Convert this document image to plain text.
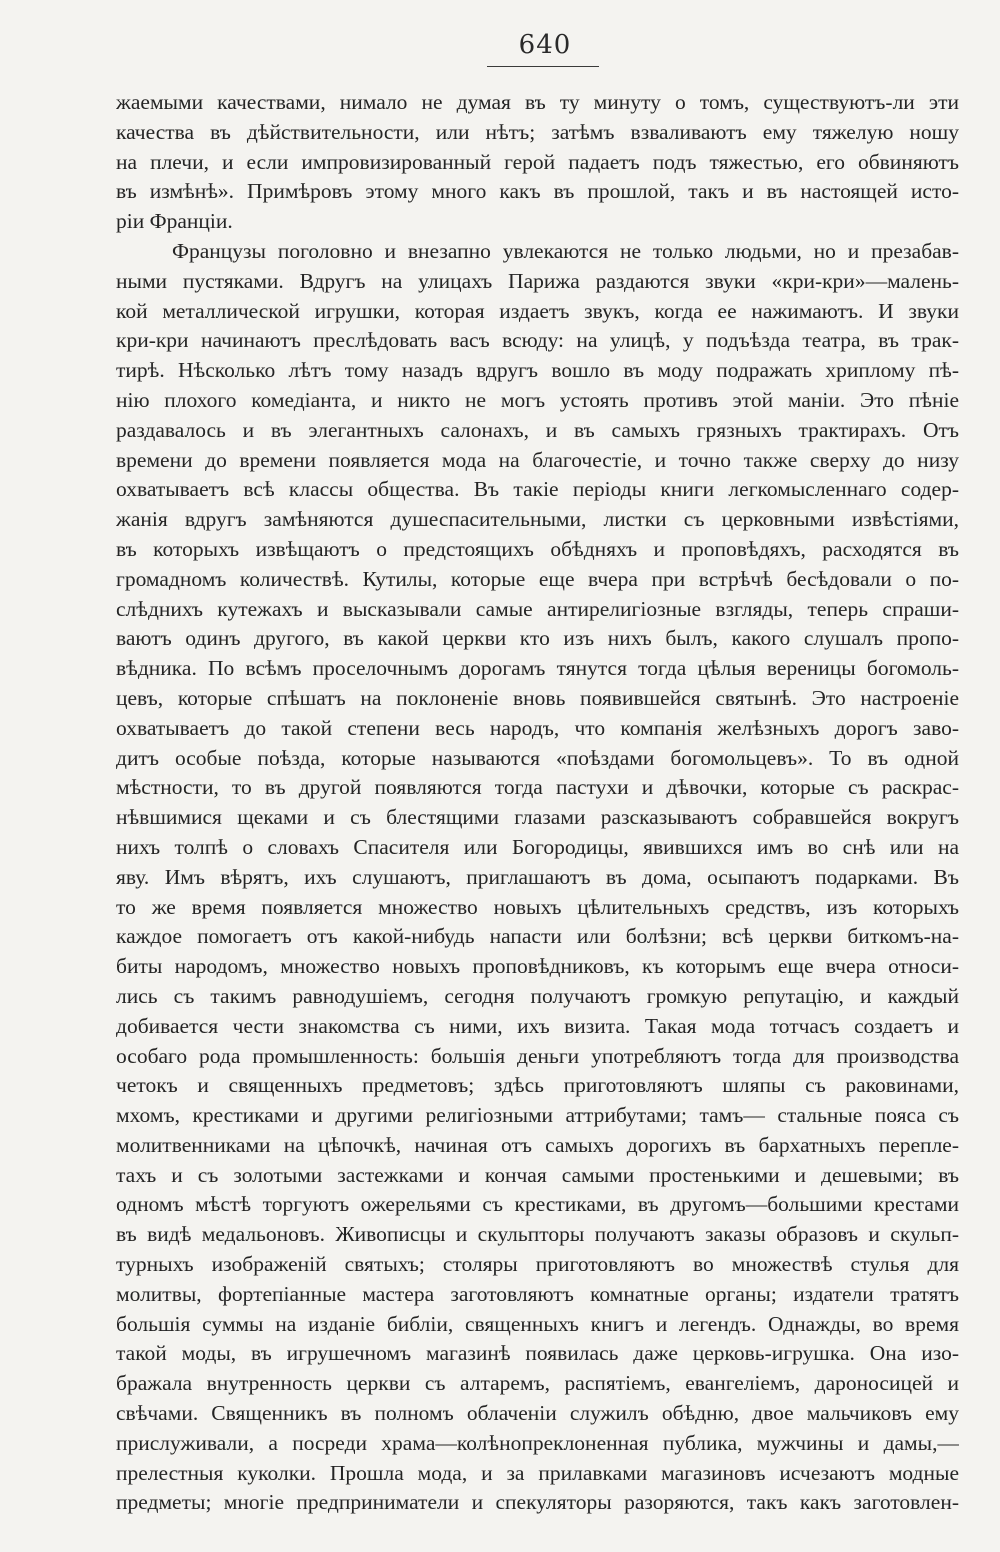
640
жаемыми качествами, нимало не думая въ ту минуту о томъ, существуютъ-ли эти
качества въ дѣйствительности, или нѣтъ; затѣмъ взваливаютъ ему тяжелую ношу
на плечи, и если импровизированный герой падаетъ подъ тяжестью, его обвиняютъ
въ измѣнѣ». Примѣровъ этому много какъ въ прошлой, такъ и въ настоящей исто-
ріи Франціи.
Французы поголовно и внезапно увлекаются не только людьми, но и презабав-
ными пустяками. Вдругъ на улицахъ Парижа раздаются звуки «кри-кри»—малень-
кой металлической игрушки, которая издаетъ звукъ, когда ее нажимаютъ. И звуки
кри-кри начинаютъ преслѣдовать васъ всюду: на улицѣ, у подъѣзда театра, въ трак-
тирѣ. Нѣсколько лѣтъ тому назадъ вдругъ вошло въ моду подражать хриплому пѣ-
нію плохого комедіанта, и никто не могъ устоять противъ этой маніи. Это пѣніе
раздавалось и въ элегантныхъ салонахъ, и въ самыхъ грязныхъ трактирахъ. Отъ
времени до времени появляется мода на благочестіе, и точно также сверху до низу
охватываетъ всѣ классы общества. Въ такіе періоды книги легкомысленнаго содер-
жанія вдругъ замѣняются душеспасительными, листки съ церковными извѣстіями,
въ которыхъ извѣщаютъ о предстоящихъ обѣдняхъ и проповѣдяхъ, расходятся въ
громадномъ количествѣ. Кутилы, которые еще вчера при встрѣчѣ бесѣдовали о по-
слѣднихъ кутежахъ и высказывали самые антирелигіозные взгляды, теперь спраши-
ваютъ одинъ другого, въ какой церкви кто изъ нихъ былъ, какого слушалъ пропо-
вѣдника. По всѣмъ проселочнымъ дорогамъ тянутся тогда цѣлыя вереницы богомоль-
цевъ, которые спѣшатъ на поклоненіе вновь появившейся святынѣ. Это настроеніе
охватываетъ до такой степени весь народъ, что компанія желѣзныхъ дорогъ заво-
дитъ особые поѣзда, которые называются «поѣздами богомольцевъ». То въ одной
мѣстности, то въ другой появляются тогда пастухи и дѣвочки, которые съ раскрас-
нѣвшимися щеками и съ блестящими глазами разсказываютъ собравшейся вокругъ
нихъ толпѣ о словахъ Спасителя или Богородицы, явившихся имъ во снѣ или на
яву. Имъ вѣрятъ, ихъ слушаютъ, приглашаютъ въ дома, осыпаютъ подарками. Въ
то же время появляется множество новыхъ цѣлительныхъ средствъ, изъ которыхъ
каждое помогаетъ отъ какой-нибудь напасти или болѣзни; всѣ церкви биткомъ-на-
биты народомъ, множество новыхъ проповѣдниковъ, къ которымъ еще вчера относи-
лись съ такимъ равнодушіемъ, сегодня получаютъ громкую репутацію, и каждый
добивается чести знакомства съ ними, ихъ визита. Такая мода тотчасъ создаетъ и
особаго рода промышленность: большія деньги употребляютъ тогда для производства
четокъ и священныхъ предметовъ; здѣсь приготовляютъ шляпы съ раковинами,
мхомъ, крестиками и другими религіозными аттрибутами; тамъ— стальные пояса съ
молитвенниками на цѣпочкѣ, начиная отъ самыхъ дорогихъ въ бархатныхъ перепле-
тахъ и съ золотыми застежками и кончая самыми простенькими и дешевыми; въ
одномъ мѣстѣ торгуютъ ожерельями съ крестиками, въ другомъ—большими крестами
въ видѣ медальоновъ. Живописцы и скульпторы получаютъ заказы образовъ и скульп-
турныхъ изображеній святыхъ; столяры приготовляютъ во множествѣ стулья для
молитвы, фортепіанные мастера заготовляютъ комнатные органы; издатели тратятъ
большія суммы на изданіе библіи, священныхъ книгъ и легендъ. Однажды, во время
такой моды, въ игрушечномъ магазинѣ появилась даже церковь-игрушка. Она изо-
бражала внутренность церкви съ алтаремъ, распятіемъ, евангеліемъ, дароносицей и
свѣчами. Священникъ въ полномъ облаченіи служилъ обѣдню, двое мальчиковъ ему
прислуживали, а посреди храма—колѣнопреклоненная публика, мужчины и дамы,—
прелестныя куколки. Прошла мода, и за прилавками магазиновъ исчезаютъ модные
предметы; многіе предприниматели и спекуляторы разоряются, такъ какъ заготовлен-
